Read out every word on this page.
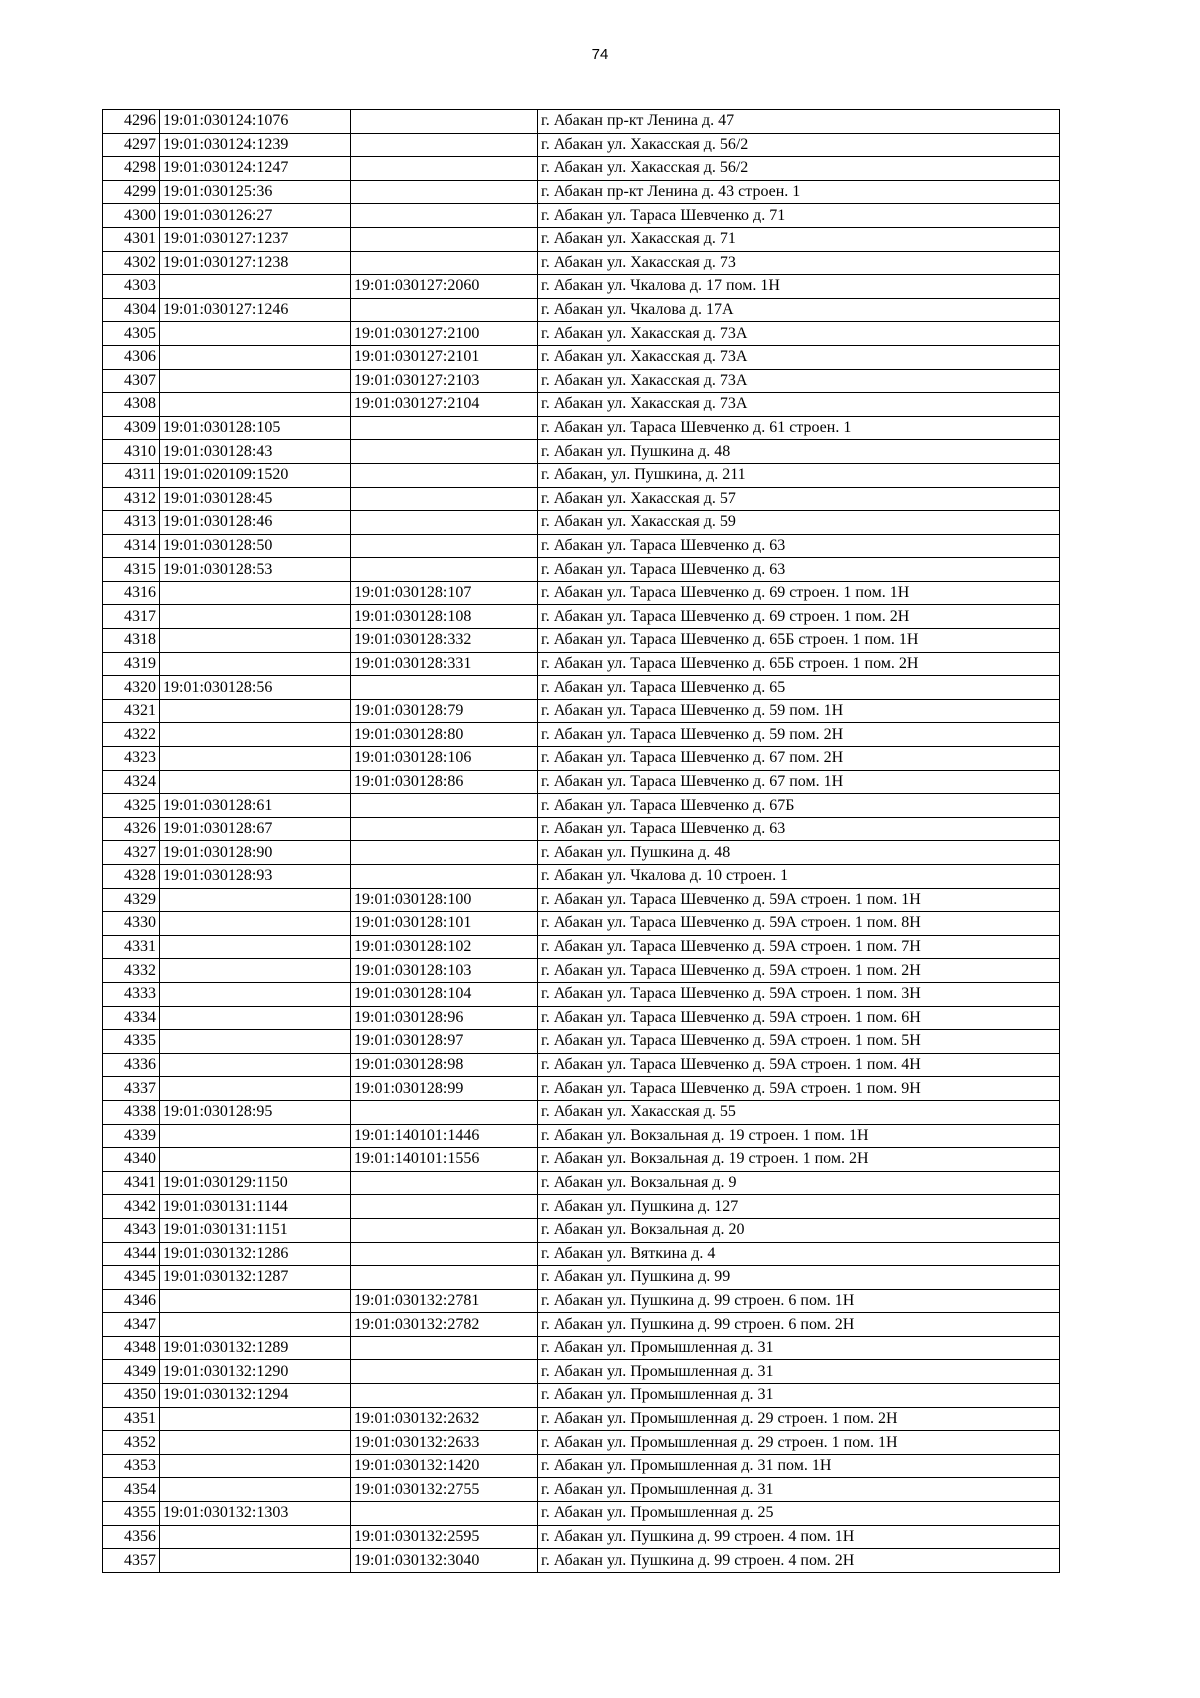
74
4296	19:01:030124:1076		г. Абакан пр-кт Ленина д. 47
4297	19:01:030124:1239		г. Абакан ул. Хакасская д. 56/2
4298	19:01:030124:1247		г. Абакан ул. Хакасская д. 56/2
4299	19:01:030125:36		г. Абакан пр-кт Ленина д. 43 строен. 1
4300	19:01:030126:27		г. Абакан ул. Тараса Шевченко д. 71
4301	19:01:030127:1237		г. Абакан ул. Хакасская д. 71
4302	19:01:030127:1238		г. Абакан ул. Хакасская д. 73
4303		19:01:030127:2060	г. Абакан ул. Чкалова д. 17 пом. 1Н
4304	19:01:030127:1246		г. Абакан ул. Чкалова д. 17А
4305		19:01:030127:2100	г. Абакан ул. Хакасская д. 73А
4306		19:01:030127:2101	г. Абакан ул. Хакасская д. 73А
4307		19:01:030127:2103	г. Абакан ул. Хакасская д. 73А
4308		19:01:030127:2104	г. Абакан ул. Хакасская д. 73А
4309	19:01:030128:105		г. Абакан ул. Тараса Шевченко д. 61 строен. 1
4310	19:01:030128:43		г. Абакан ул. Пушкина д. 48
4311	19:01:020109:1520		г. Абакан, ул. Пушкина, д. 211
4312	19:01:030128:45		г. Абакан ул. Хакасская д. 57
4313	19:01:030128:46		г. Абакан ул. Хакасская д. 59
4314	19:01:030128:50		г. Абакан ул. Тараса Шевченко д. 63
4315	19:01:030128:53		г. Абакан ул. Тараса Шевченко д. 63
4316		19:01:030128:107	г. Абакан ул. Тараса Шевченко д. 69 строен. 1 пом. 1Н
4317		19:01:030128:108	г. Абакан ул. Тараса Шевченко д. 69 строен. 1 пом. 2Н
4318		19:01:030128:332	г. Абакан ул. Тараса Шевченко д. 65Б строен. 1 пом. 1Н
4319		19:01:030128:331	г. Абакан ул. Тараса Шевченко д. 65Б строен. 1 пом. 2Н
4320	19:01:030128:56		г. Абакан ул. Тараса Шевченко д. 65
4321		19:01:030128:79	г. Абакан ул. Тараса Шевченко д. 59 пом. 1Н
4322		19:01:030128:80	г. Абакан ул. Тараса Шевченко д. 59 пом. 2Н
4323		19:01:030128:106	г. Абакан ул. Тараса Шевченко д. 67 пом. 2Н
4324		19:01:030128:86	г. Абакан ул. Тараса Шевченко д. 67 пом. 1Н
4325	19:01:030128:61		г. Абакан ул. Тараса Шевченко д. 67Б
4326	19:01:030128:67		г. Абакан ул. Тараса Шевченко д. 63
4327	19:01:030128:90		г. Абакан ул. Пушкина д. 48
4328	19:01:030128:93		г. Абакан ул. Чкалова д. 10 строен. 1
4329		19:01:030128:100	г. Абакан ул. Тараса Шевченко д. 59А строен. 1 пом. 1Н
4330		19:01:030128:101	г. Абакан ул. Тараса Шевченко д. 59А строен. 1 пом. 8Н
4331		19:01:030128:102	г. Абакан ул. Тараса Шевченко д. 59А строен. 1 пом. 7Н
4332		19:01:030128:103	г. Абакан ул. Тараса Шевченко д. 59А строен. 1 пом. 2Н
4333		19:01:030128:104	г. Абакан ул. Тараса Шевченко д. 59А строен. 1 пом. 3Н
4334		19:01:030128:96	г. Абакан ул. Тараса Шевченко д. 59А строен. 1 пом. 6Н
4335		19:01:030128:97	г. Абакан ул. Тараса Шевченко д. 59А строен. 1 пом. 5Н
4336		19:01:030128:98	г. Абакан ул. Тараса Шевченко д. 59А строен. 1 пом. 4Н
4337		19:01:030128:99	г. Абакан ул. Тараса Шевченко д. 59А строен. 1 пом. 9Н
4338	19:01:030128:95		г. Абакан ул. Хакасская д. 55
4339		19:01:140101:1446	г. Абакан ул. Вокзальная д. 19 строен. 1 пом. 1Н
4340		19:01:140101:1556	г. Абакан ул. Вокзальная д. 19 строен. 1 пом. 2Н
4341	19:01:030129:1150		г. Абакан ул. Вокзальная д. 9
4342	19:01:030131:1144		г. Абакан ул. Пушкина д. 127
4343	19:01:030131:1151		г. Абакан ул. Вокзальная д. 20
4344	19:01:030132:1286		г. Абакан ул. Вяткина д. 4
4345	19:01:030132:1287		г. Абакан ул. Пушкина д. 99
4346		19:01:030132:2781	г. Абакан ул. Пушкина д. 99 строен. 6 пом. 1Н
4347		19:01:030132:2782	г. Абакан ул. Пушкина д. 99 строен. 6 пом. 2Н
4348	19:01:030132:1289		г. Абакан ул. Промышленная д. 31
4349	19:01:030132:1290		г. Абакан ул. Промышленная д. 31
4350	19:01:030132:1294		г. Абакан ул. Промышленная д. 31
4351		19:01:030132:2632	г. Абакан ул. Промышленная д. 29 строен. 1 пом. 2Н
4352		19:01:030132:2633	г. Абакан ул. Промышленная д. 29 строен. 1 пом. 1Н
4353		19:01:030132:1420	г. Абакан ул. Промышленная д. 31 пом. 1Н
4354		19:01:030132:2755	г. Абакан ул. Промышленная д. 31
4355	19:01:030132:1303		г. Абакан ул. Промышленная д. 25
4356		19:01:030132:2595	г. Абакан ул. Пушкина д. 99 строен. 4 пом. 1Н
4357		19:01:030132:3040	г. Абакан ул. Пушкина д. 99 строен. 4 пом. 2Н
